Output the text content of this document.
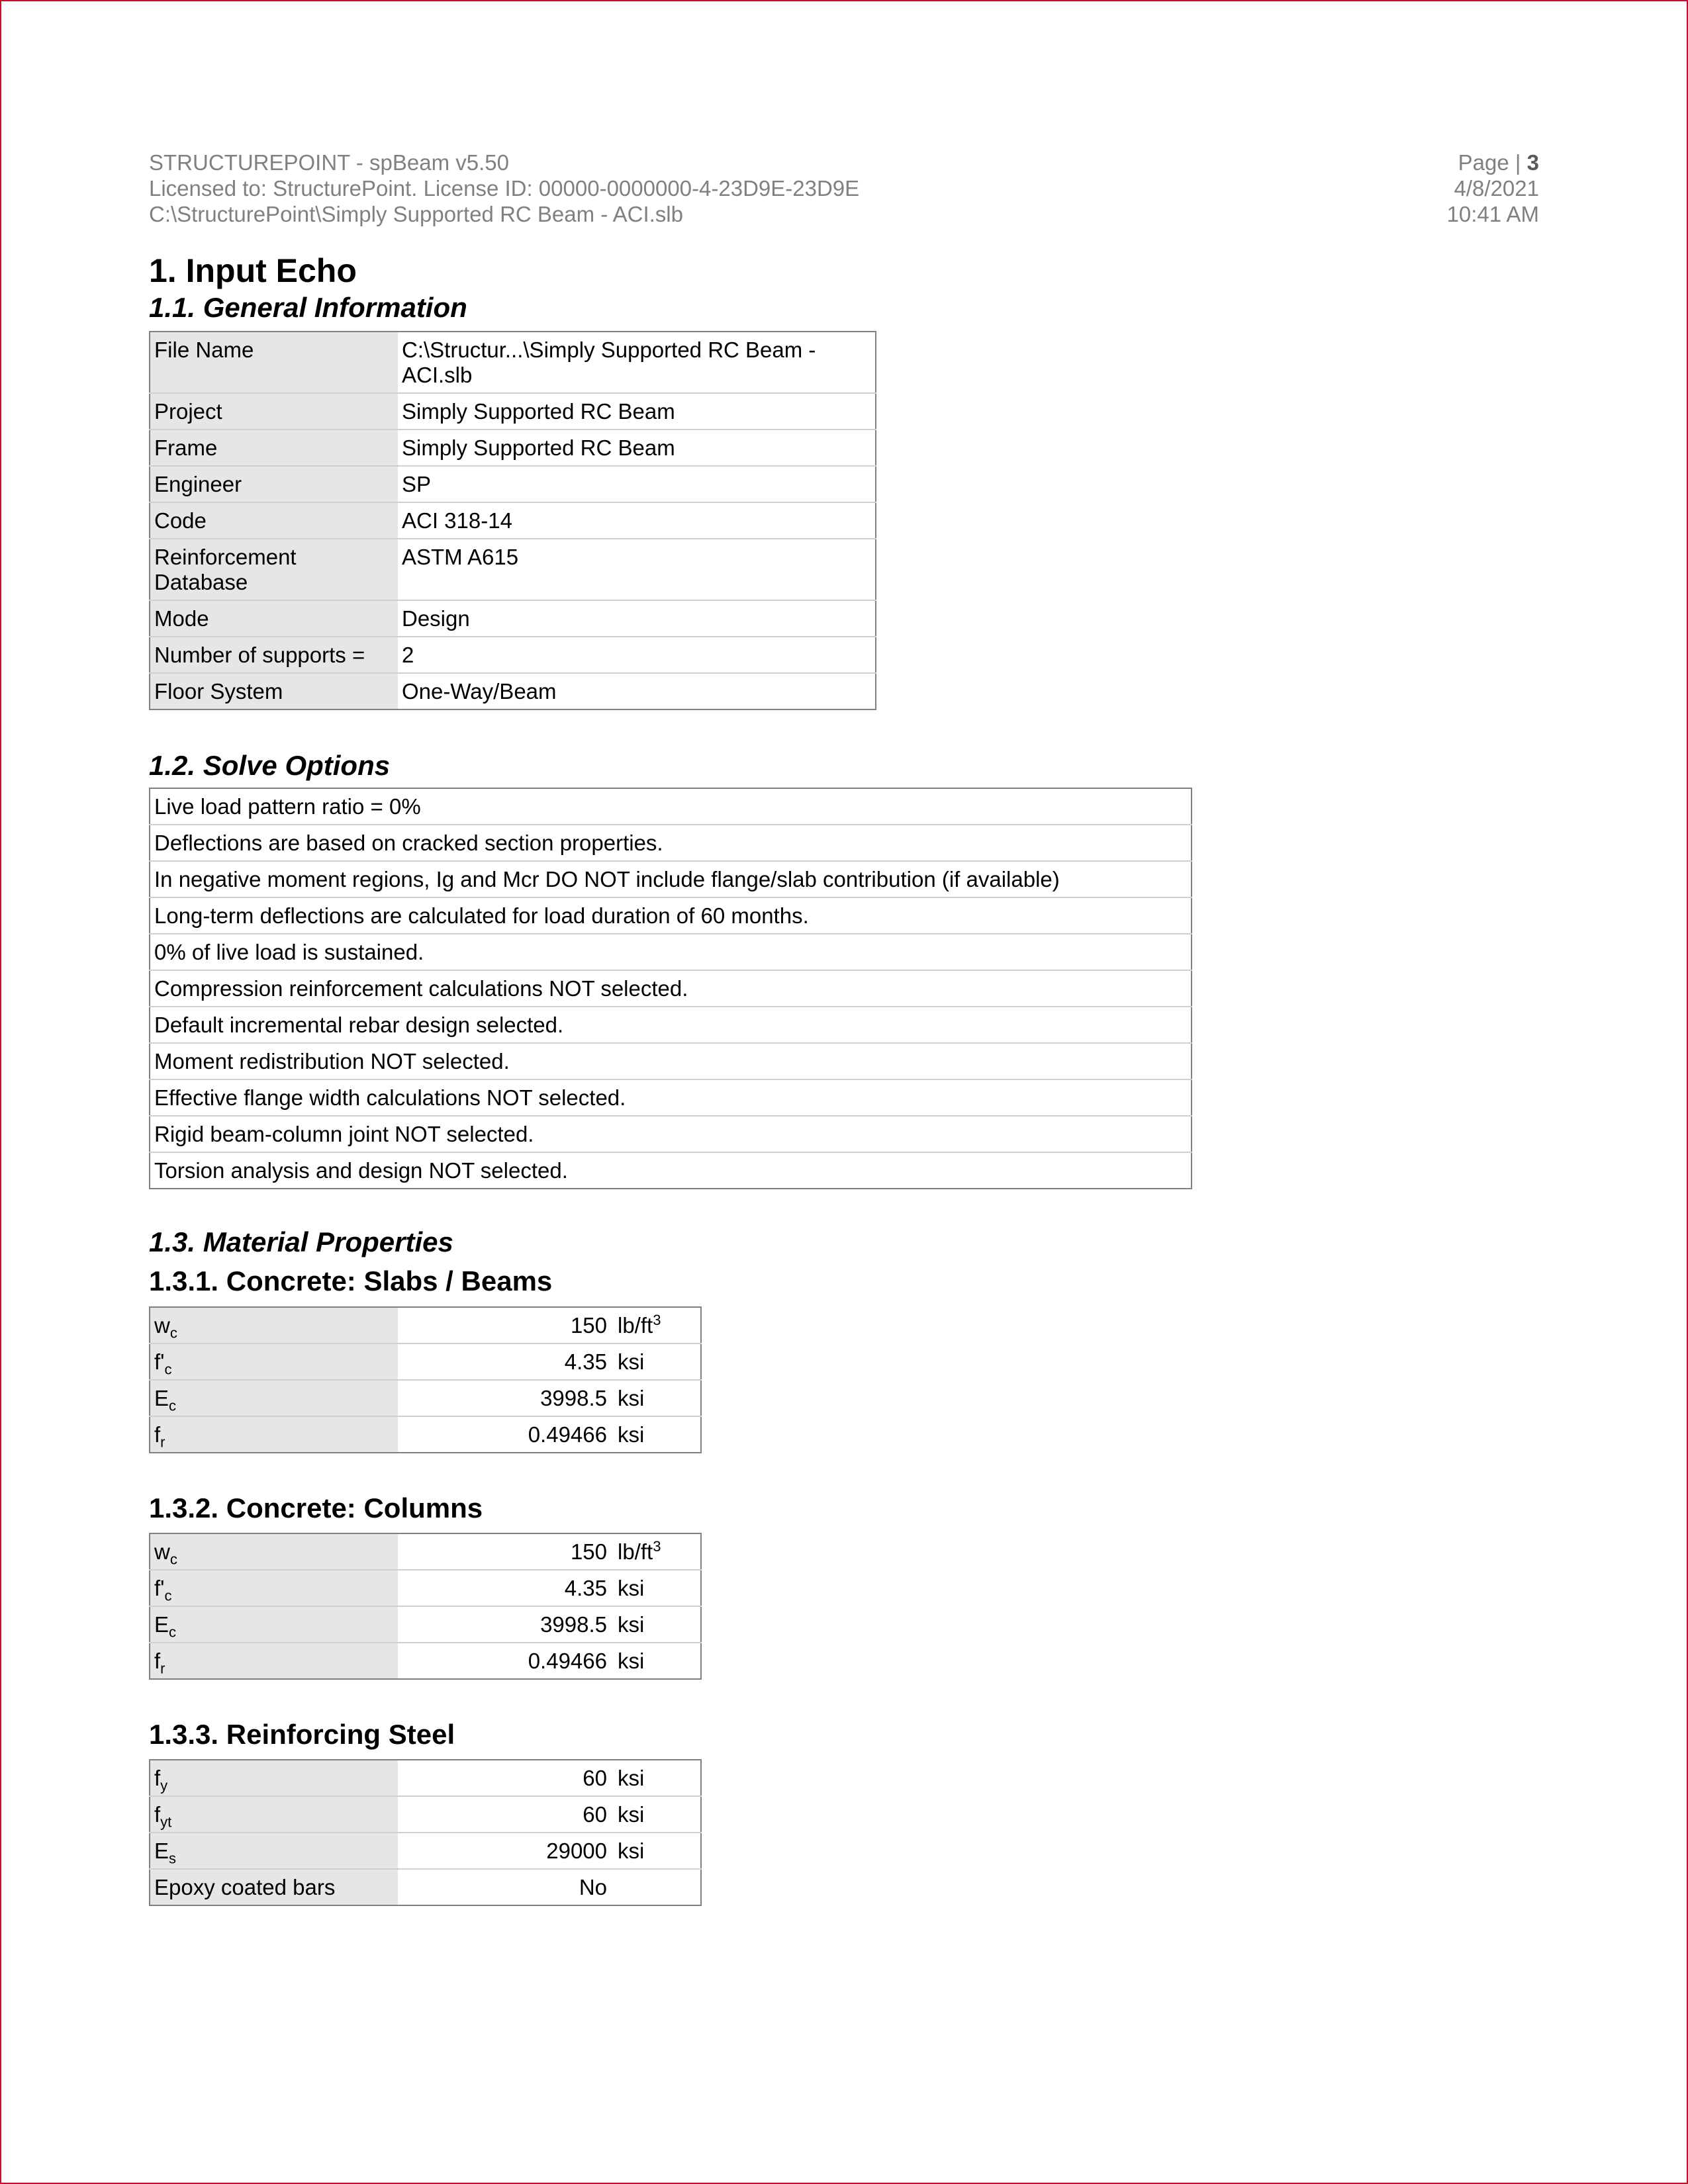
STRUCTUREPOINT - spBeam v5.50
Licensed to: StructurePoint. License ID: 00000-0000000-4-23D9E-23D9E
C:\StructurePoint\Simply Supported RC Beam - ACI.slb
Page | 3
4/8/2021
10:41 AM
1. Input Echo
1.1. General Information
File Name	C:\Structur...\Simply Supported RC Beam - ACI.slb
Project	Simply Supported RC Beam
Frame	Simply Supported RC Beam
Engineer	SP
Code	ACI 318-14
Reinforcement Database	ASTM A615
Mode	Design
Number of supports =	2
Floor System	One-Way/Beam
1.2. Solve Options
Live load pattern ratio = 0%
Deflections are based on cracked section properties.
In negative moment regions, Ig and Mcr DO NOT include flange/slab contribution (if available)
Long-term deflections are calculated for load duration of 60 months.
0% of live load is sustained.
Compression reinforcement calculations NOT selected.
Default incremental rebar design selected.
Moment redistribution NOT selected.
Effective flange width calculations NOT selected.
Rigid beam-column joint NOT selected.
Torsion analysis and design NOT selected.
1.3. Material Properties
1.3.1. Concrete: Slabs / Beams
$w_c$	150	$lb/ft^3$
$f'_c$	4.35	ksi
$E_c$	3998.5	ksi
$f_r$	0.49466	ksi
1.3.2. Concrete: Columns
$w_c$	150	$lb/ft^3$
$f'_c$	4.35	ksi
$E_c$	3998.5	ksi
$f_r$	0.49466	ksi
1.3.3. Reinforcing Steel
$f_y$	60	ksi
$f_{yt}$	60	ksi
$E_s$	29000	ksi
Epoxy coated bars	No	
